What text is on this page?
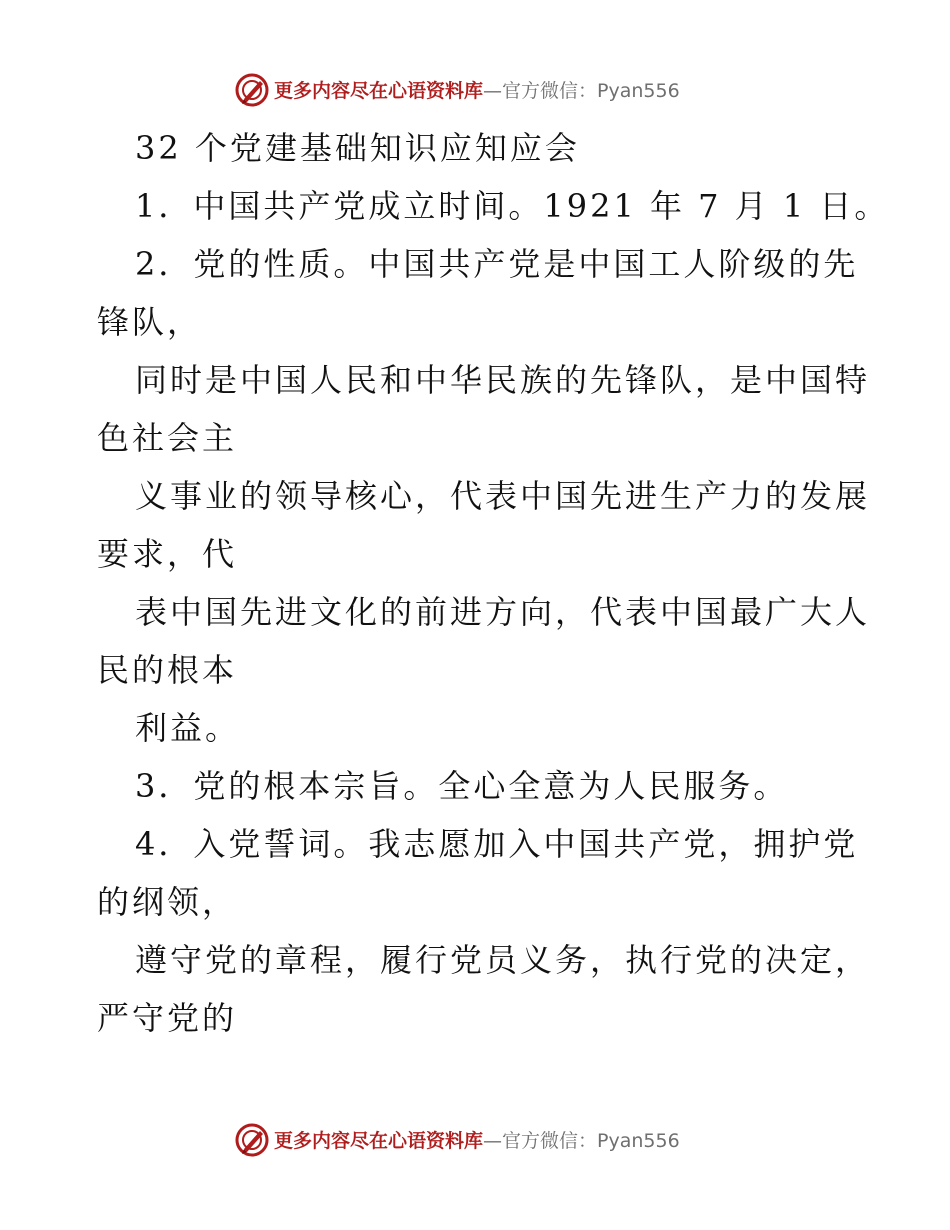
更多内容尽在心语资料库—官方微信：Pyan556
32 个党建基础知识应知应会
1．中国共产党成立时间。1921 年 7 月 1 日。
2．党的性质。中国共产党是中国工人阶级的先
锋队，
同时是中国人民和中华民族的先锋队，是中国特
色社会主
义事业的领导核心，代表中国先进生产力的发展
要求，代
表中国先进文化的前进方向，代表中国最广大人
民的根本
利益。
3．党的根本宗旨。全心全意为人民服务。
4．入党誓词。我志愿加入中国共产党，拥护党
的纲领，
遵守党的章程，履行党员义务，执行党的决定，
严守党的
更多内容尽在心语资料库—官方微信：Pyan556
